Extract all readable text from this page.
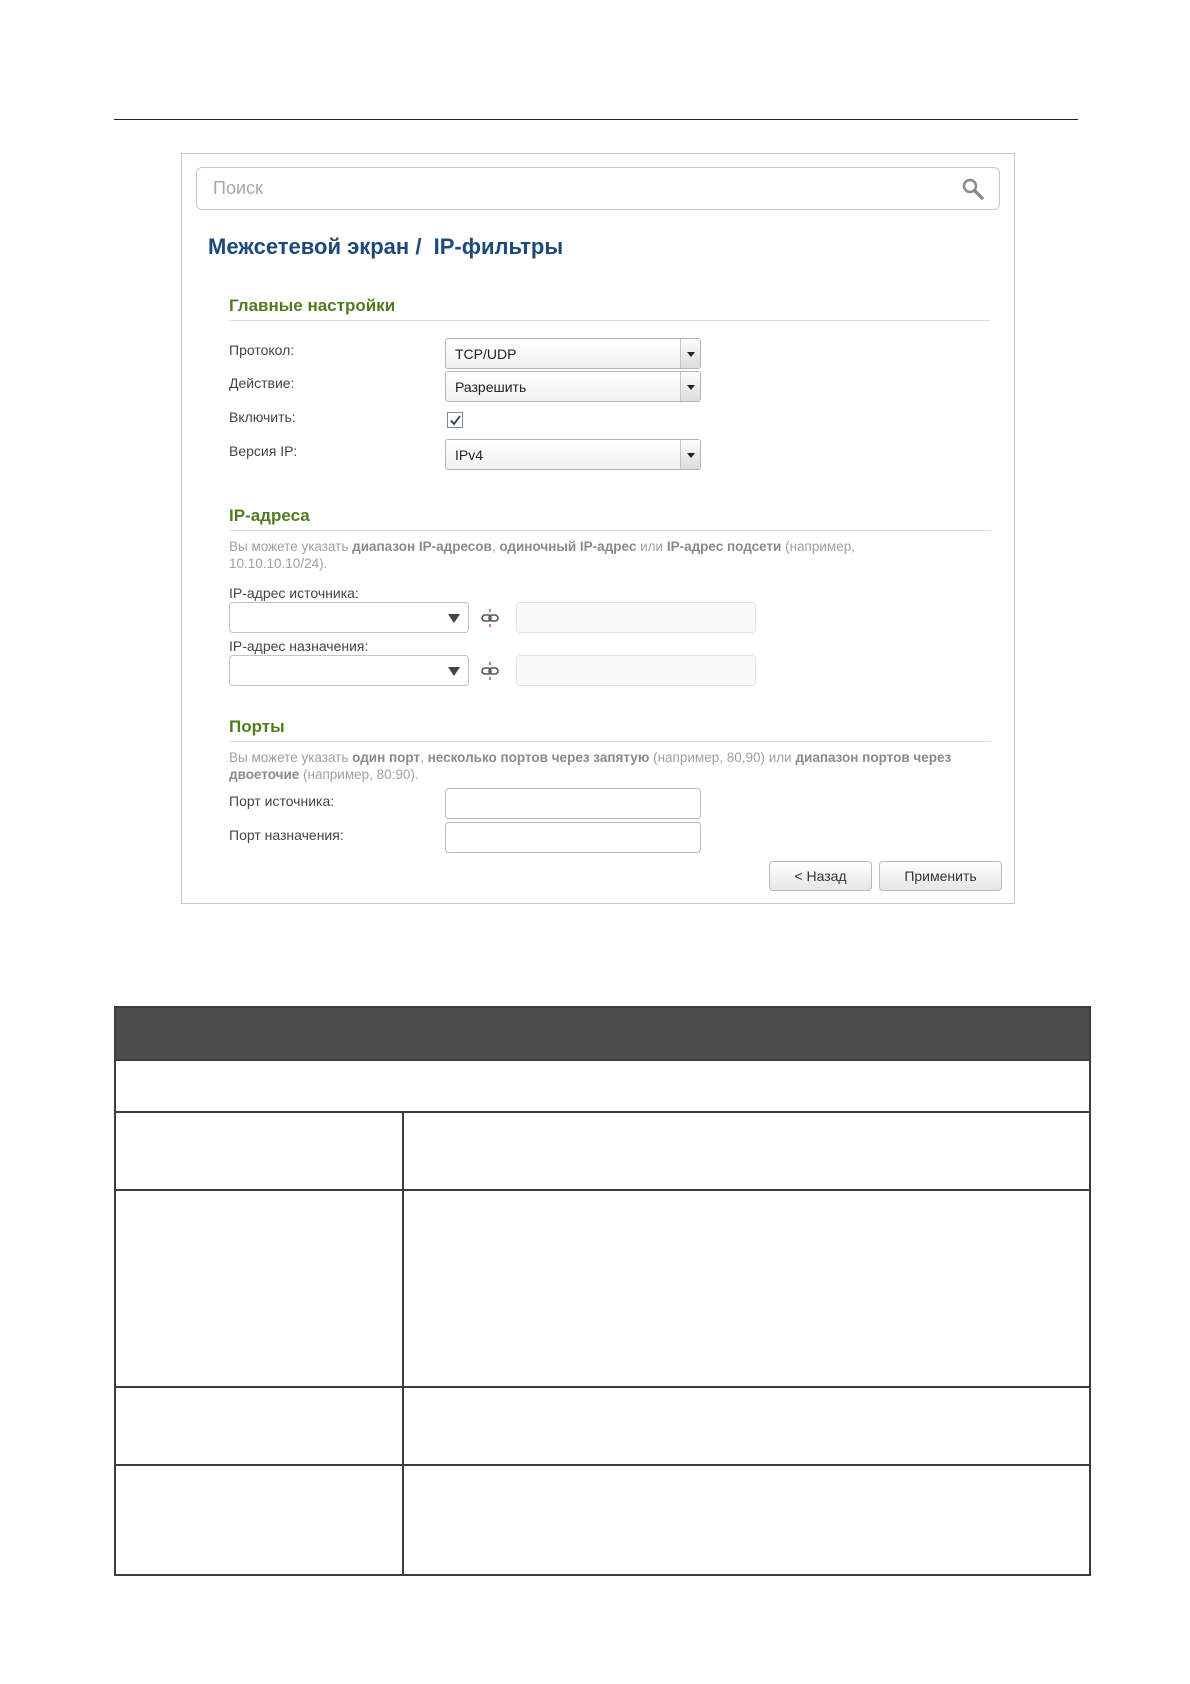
Поиск
Межсетевой экран /  IP-фильтры
Главные настройки
Протокол:	TCP/UDP
Действие:	Разрешить
Включить:
Версия IP:	IPv4
IP-адреса
Вы можете указать диапазон IP-адресов, одиночный IP-адрес или IP-адрес подсети (например, 10.10.10.10/24).
IP-адрес источника:
IP-адрес назначения:
Порты
Вы можете указать один порт, несколько портов через запятую (например, 80,90) или диапазон портов через двоеточие (например, 80:90).
Порт источника:
Порт назначения:
< Назад	Применить
